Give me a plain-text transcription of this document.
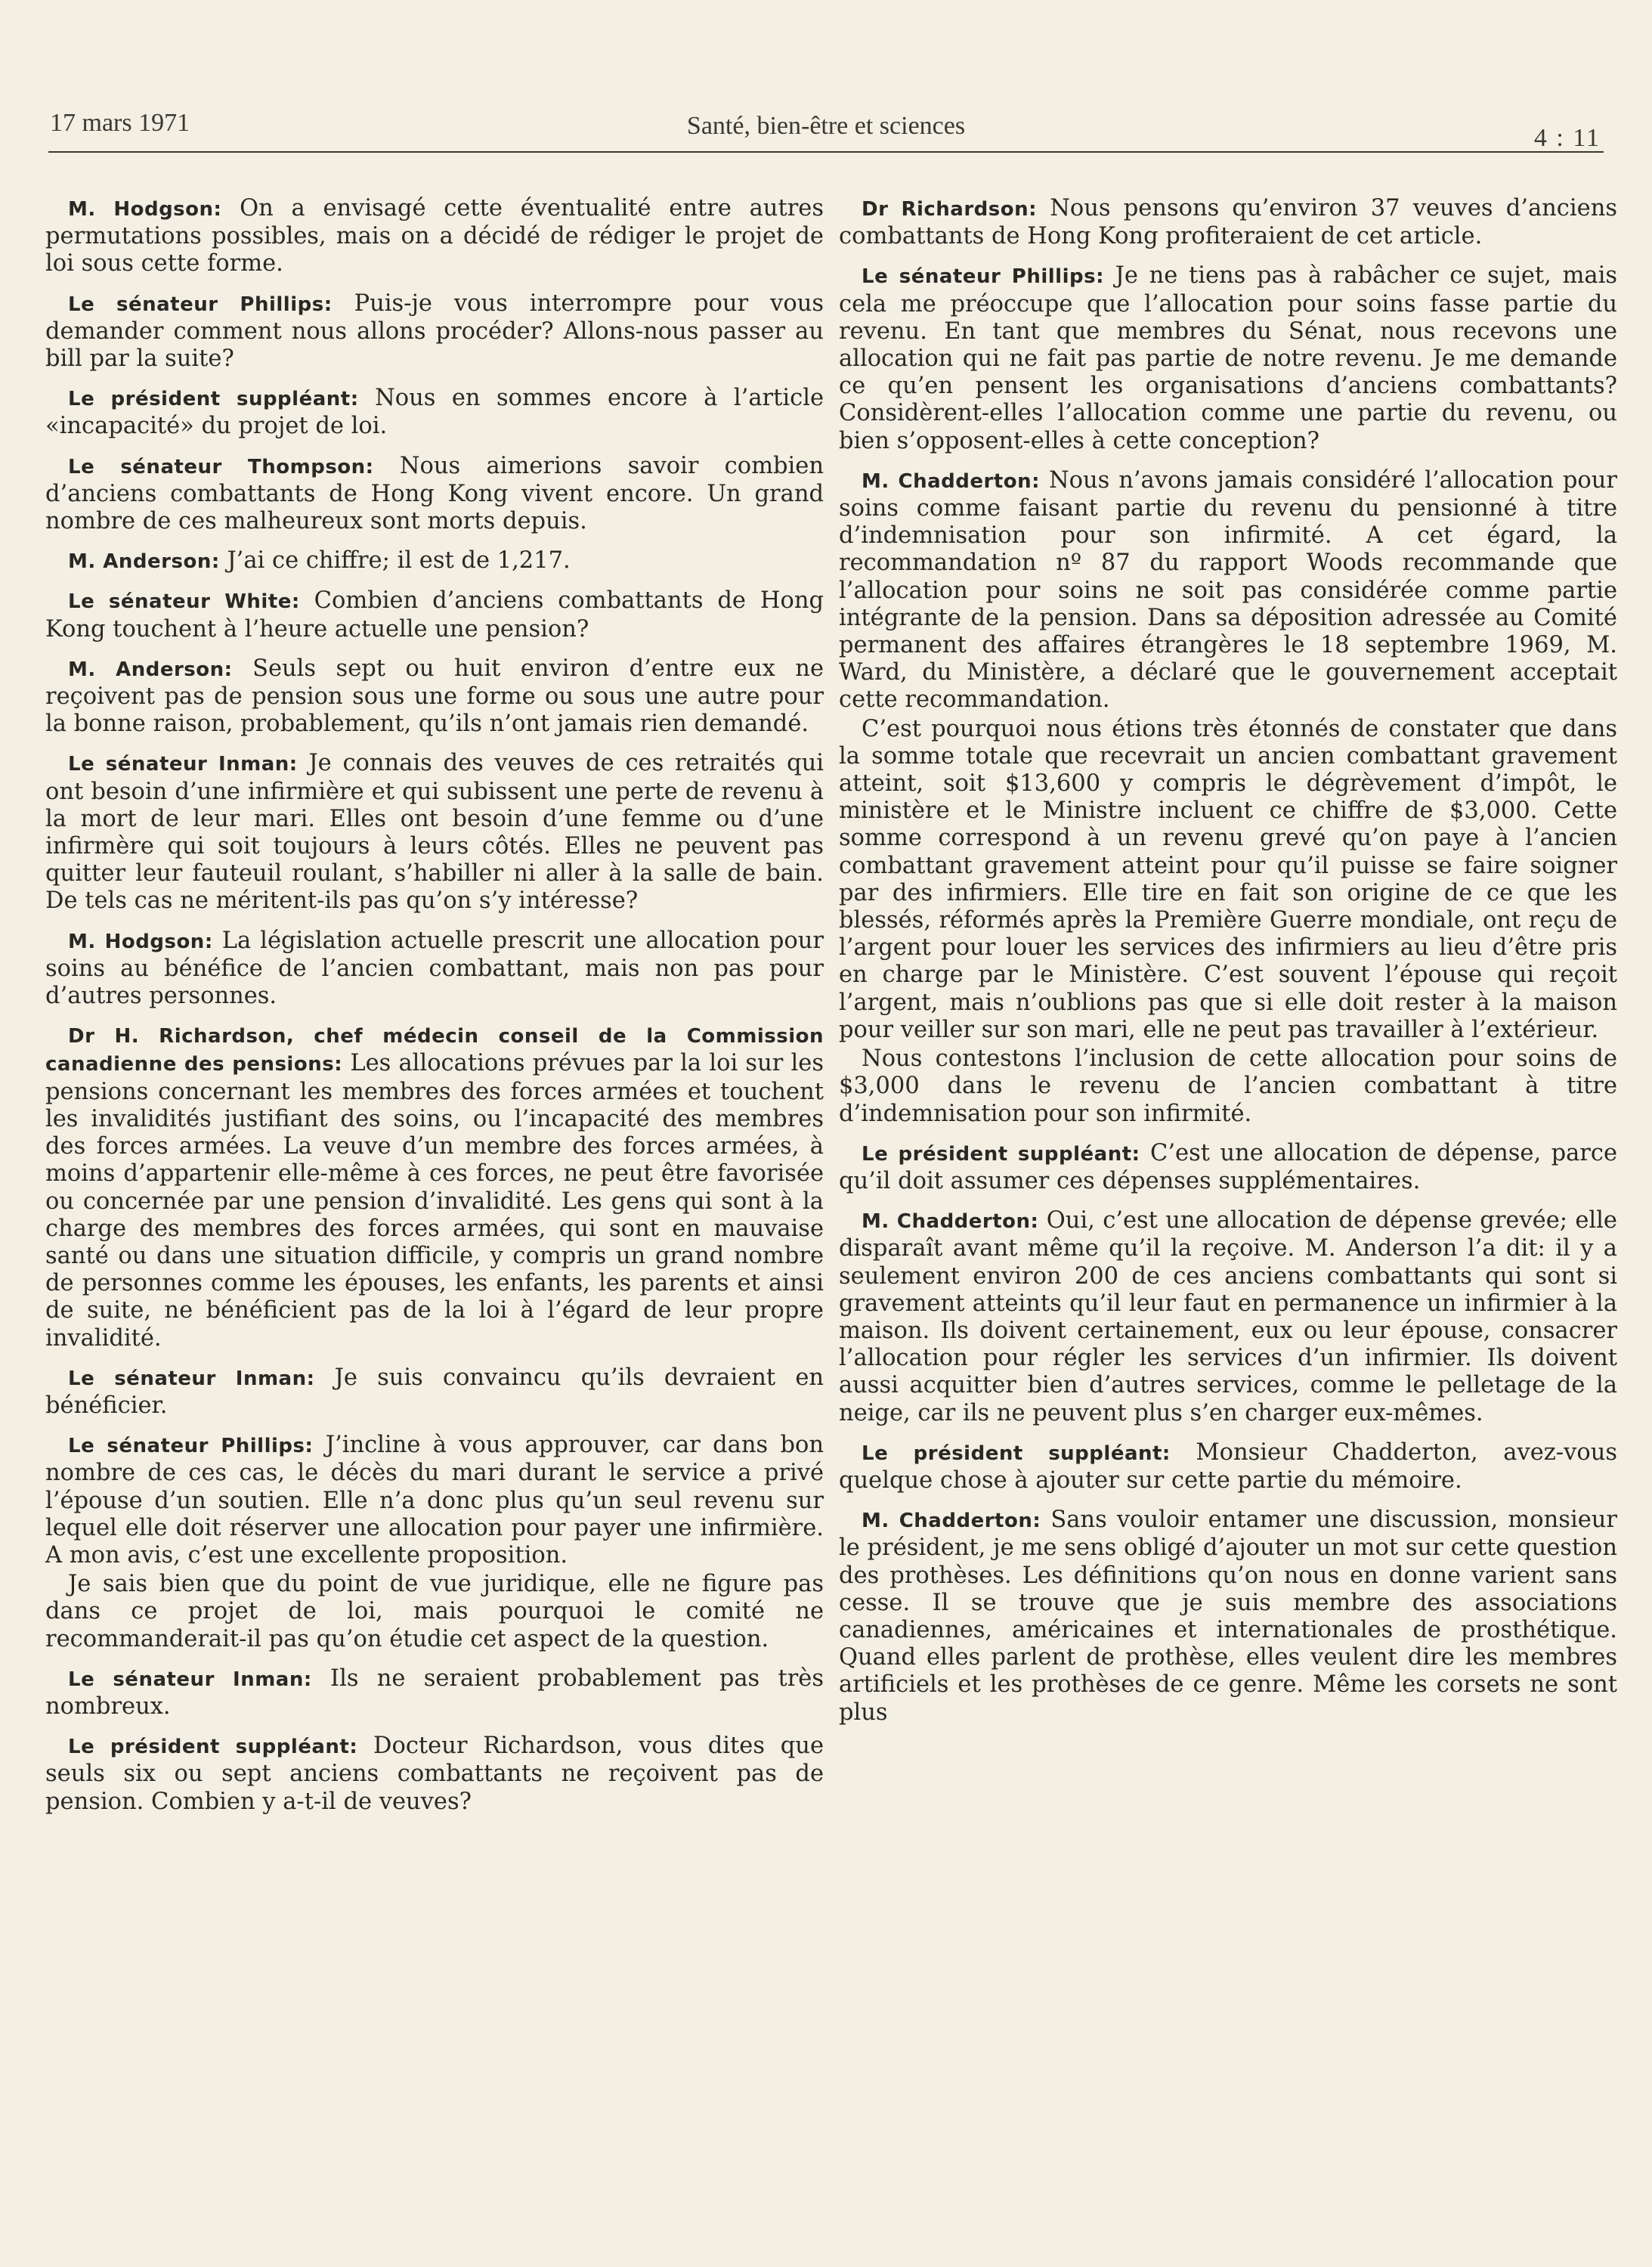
17 mars 1971	Santé, bien-être et sciences	4 : 11

M. Hodgson: On a envisagé cette éventualité entre autres permutations possibles, mais on a décidé de rédiger le projet de loi sous cette forme.

Le sénateur Phillips: Puis-je vous interrompre pour vous demander comment nous allons procéder? Allons-nous passer au bill par la suite?

Le président suppléant: Nous en sommes encore à l’article «incapacité» du projet de loi.

Le sénateur Thompson: Nous aimerions savoir combien d’anciens combattants de Hong Kong vivent encore. Un grand nombre de ces malheureux sont morts depuis.

M. Anderson: J’ai ce chiffre; il est de 1,217.

Le sénateur White: Combien d’anciens combattants de Hong Kong touchent à l’heure actuelle une pension?

M. Anderson: Seuls sept ou huit environ d’entre eux ne reçoivent pas de pension sous une forme ou sous une autre pour la bonne raison, probablement, qu’ils n’ont jamais rien demandé.

Le sénateur Inman: Je connais des veuves de ces retraités qui ont besoin d’une infirmière et qui subissent une perte de revenu à la mort de leur mari. Elles ont besoin d’une femme ou d’une infirmère qui soit toujours à leurs côtés. Elles ne peuvent pas quitter leur fauteuil roulant, s’habiller ni aller à la salle de bain. De tels cas ne méritent-ils pas qu’on s’y intéresse?

M. Hodgson: La législation actuelle prescrit une allocation pour soins au bénéfice de l’ancien combattant, mais non pas pour d’autres personnes.

Dr H. Richardson, chef médecin conseil de la Commission canadienne des pensions: Les allocations prévues par la loi sur les pensions concernant les membres des forces armées et touchent les invalidités justifiant des soins, ou l’incapacité des membres des forces armées. La veuve d’un membre des forces armées, à moins d’appartenir elle-même à ces forces, ne peut être favorisée ou concernée par une pension d’invalidité. Les gens qui sont à la charge des membres des forces armées, qui sont en mauvaise santé ou dans une situation difficile, y compris un grand nombre de personnes comme les épouses, les enfants, les parents et ainsi de suite, ne bénéficient pas de la loi à l’égard de leur propre invalidité.

Le sénateur Inman: Je suis convaincu qu’ils devraient en bénéficier.

Le sénateur Phillips: J’incline à vous approuver, car dans bon nombre de ces cas, le décès du mari durant le service a privé l’épouse d’un soutien. Elle n’a donc plus qu’un seul revenu sur lequel elle doit réserver une allocation pour payer une infirmière. A mon avis, c’est une excellente proposition.

Je sais bien que du point de vue juridique, elle ne figure pas dans ce projet de loi, mais pourquoi le comité ne recommanderait-il pas qu’on étudie cet aspect de la question.

Le sénateur Inman: Ils ne seraient probablement pas très nombreux.

Le président suppléant: Docteur Richardson, vous dites que seuls six ou sept anciens combattants ne reçoivent pas de pension. Combien y a-t-il de veuves?

Dr Richardson: Nous pensons qu’environ 37 veuves d’anciens combattants de Hong Kong profiteraient de cet article.

Le sénateur Phillips: Je ne tiens pas à rabâcher ce sujet, mais cela me préoccupe que l’allocation pour soins fasse partie du revenu. En tant que membres du Sénat, nous recevons une allocation qui ne fait pas partie de notre revenu. Je me demande ce qu’en pensent les organisations d’anciens combattants? Considèrent-elles l’allocation comme une partie du revenu, ou bien s’opposent-elles à cette conception?

M. Chadderton: Nous n’avons jamais considéré l’allocation pour soins comme faisant partie du revenu du pensionné à titre d’indemnisation pour son infirmité. A cet égard, la recommandation nº 87 du rapport Woods recommande que l’allocation pour soins ne soit pas considérée comme partie intégrante de la pension. Dans sa déposition adressée au Comité permanent des affaires étrangères le 18 septembre 1969, M. Ward, du Ministère, a déclaré que le gouvernement acceptait cette recommandation.

C’est pourquoi nous étions très étonnés de constater que dans la somme totale que recevrait un ancien combattant gravement atteint, soit $13,600 y compris le dégrèvement d’impôt, le ministère et le Ministre incluent ce chiffre de $3,000. Cette somme correspond à un revenu grevé qu’on paye à l’ancien combattant gravement atteint pour qu’il puisse se faire soigner par des infirmiers. Elle tire en fait son origine de ce que les blessés, réformés après la Première Guerre mondiale, ont reçu de l’argent pour louer les services des infirmiers au lieu d’être pris en charge par le Ministère. C’est souvent l’épouse qui reçoit l’argent, mais n’oublions pas que si elle doit rester à la maison pour veiller sur son mari, elle ne peut pas travailler à l’extérieur.

Nous contestons l’inclusion de cette allocation pour soins de $3,000 dans le revenu de l’ancien combattant à titre d’indemnisation pour son infirmité.

Le président suppléant: C’est une allocation de dépense, parce qu’il doit assumer ces dépenses supplémentaires.

M. Chadderton: Oui, c’est une allocation de dépense grevée; elle disparaît avant même qu’il la reçoive. M. Anderson l’a dit: il y a seulement environ 200 de ces anciens combattants qui sont si gravement atteints qu’il leur faut en permanence un infirmier à la maison. Ils doivent certainement, eux ou leur épouse, consacrer l’allocation pour régler les services d’un infirmier. Ils doivent aussi acquitter bien d’autres services, comme le pelletage de la neige, car ils ne peuvent plus s’en charger eux-mêmes.

Le président suppléant: Monsieur Chadderton, avez-vous quelque chose à ajouter sur cette partie du mémoire.

M. Chadderton: Sans vouloir entamer une discussion, monsieur le président, je me sens obligé d’ajouter un mot sur cette question des prothèses. Les définitions qu’on nous en donne varient sans cesse. Il se trouve que je suis membre des associations canadiennes, américaines et internationales de prosthétique. Quand elles parlent de prothèse, elles veulent dire les membres artificiels et les prothèses de ce genre. Même les corsets ne sont plus
